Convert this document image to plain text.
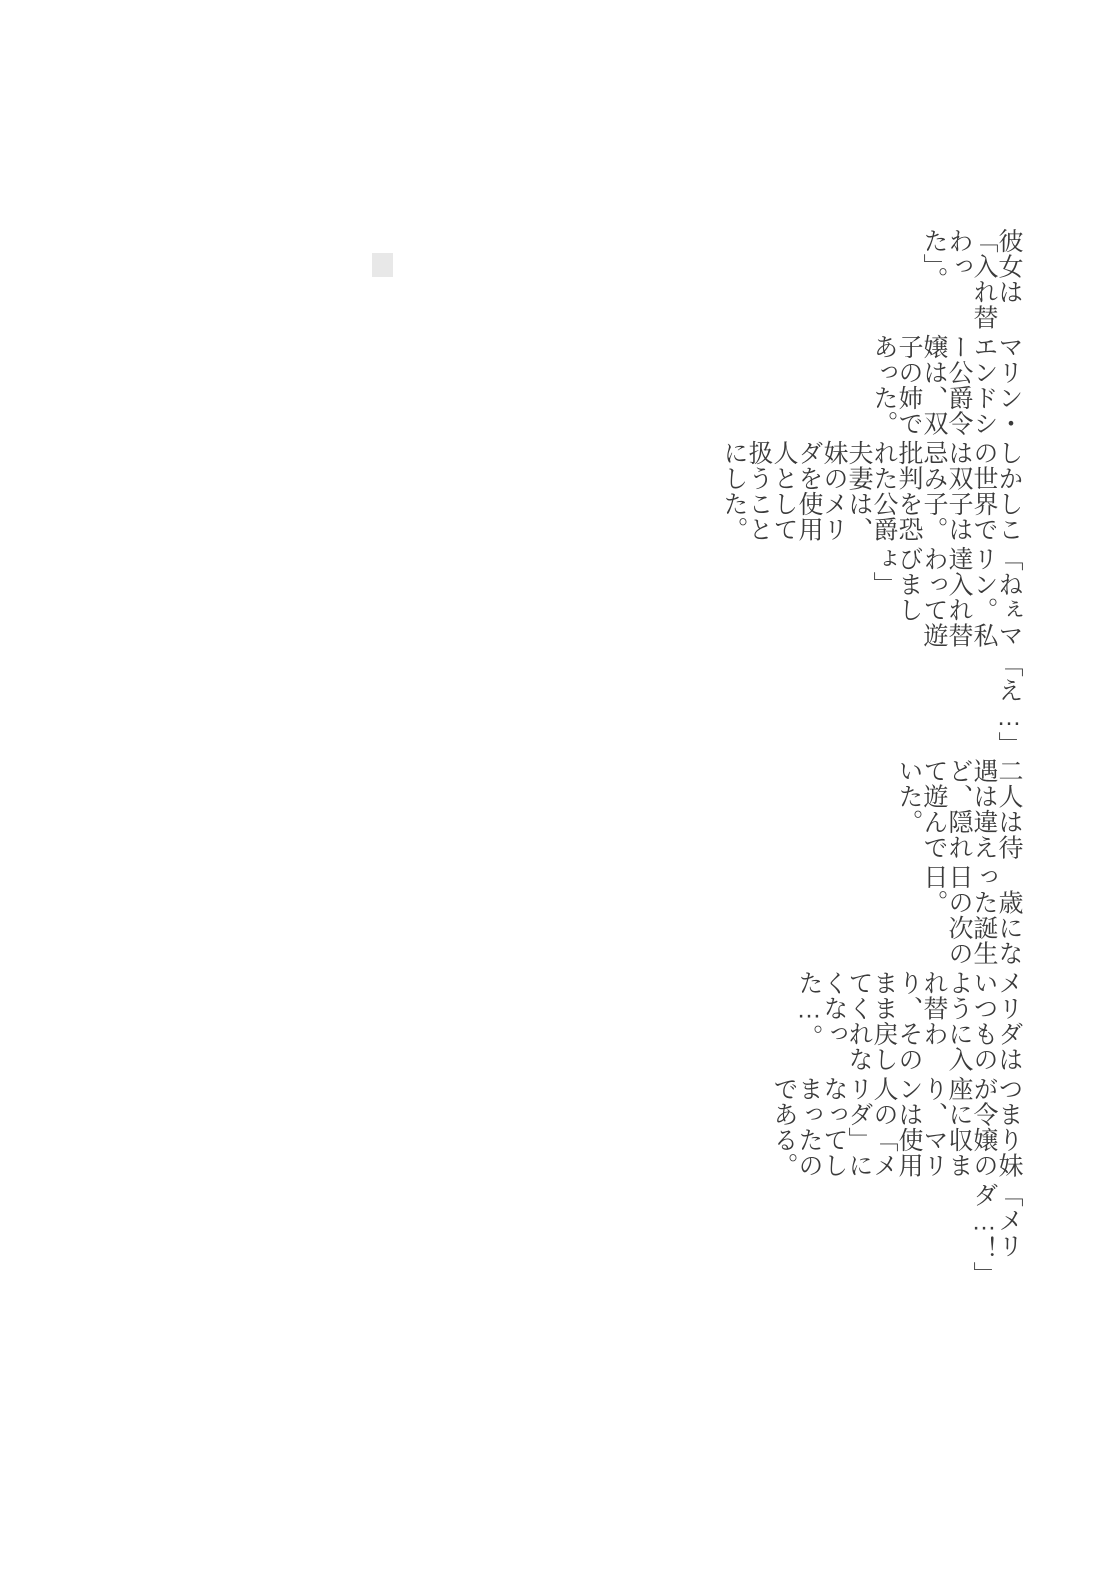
彼女は「入れ替わった」。
マリン・エンドシー公爵令嬢は、双子の姉であった。
しかしこの世界では双子は忌み子。批判を恐れた公爵夫妻は、妹のメリダを使用人として扱うことにした。
「ねぇマリン。私達入れ替わって遊びましょ」
「え…」
二人は待遇は違えど、隠れて遊んでいた。
　歳になった誕生日の次の日。
メリダはいつものように入れ替わり、そのまま戻してくれなくなった…。
つまり妹が令嬢の座に収まり、マリンは使用人の「メリダ」になってしまったのである。
「メリダ…！」
